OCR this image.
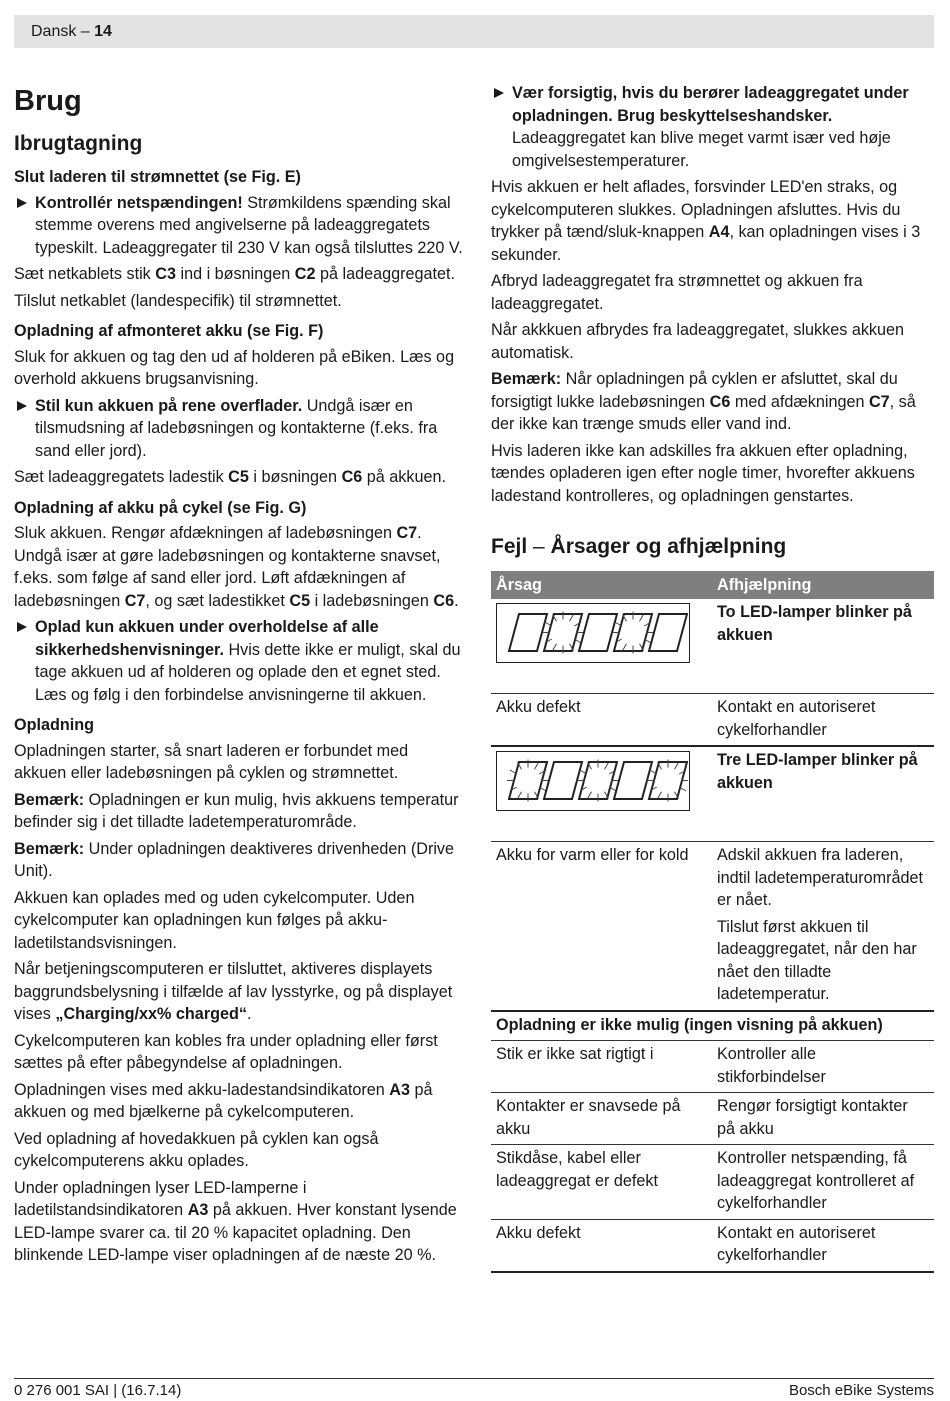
Dansk – 14
Brug
Ibrugtagning
Slut laderen til strømnettet (se Fig. E)
Kontrollér netspændingen! Strømkildens spænding skal stemme overens med angivelserne på ladeaggregatets typeskilt. Ladeaggregater til 230 V kan også tilsluttes 220 V.

Sæt netkablets stik C3 ind i bøsningen C2 på ladeaggregatet.

Tilslut netkablet (landespecifik) til strømnettet.

Opladning af afmonteret akku (se Fig. F)

Sluk for akkuen og tag den ud af holderen på eBiken. Læs og overhold akkuens brugsanvisning.

Stil kun akkuen på rene overflader. Undgå især en tilsmudsning af ladebøsningen og kontakterne (f.eks. fra sand eller jord).

Sæt ladeaggregatets ladestik C5 i bøsningen C6 på akkuen.

Opladning af akku på cykel (se Fig. G)

Sluk akkuen. Rengør afdækningen af ladebøsningen C7. Undgå især at gøre ladebøsningen og kontakterne snavset, f.eks. som følge af sand eller jord. Løft afdækningen af ladebøsningen C7, og sæt ladestikket C5 i ladebøsningen C6.

Oplad kun akkuen under overholdelse af alle sikkerhedshenvisninger. Hvis dette ikke er muligt, skal du tage akkuen ud af holderen og oplade den et egnet sted. Læs og følg i den forbindelse anvisningerne til akkuen.
Opladning

Opladningen starter, så snart laderen er forbundet med akkuen eller ladebøsningen på cyklen og strømnettet.

Bemærk: Opladningen er kun mulig, hvis akkuens temperatur befinder sig i det tilladte ladetemperaturområde.

Bemærk: Under opladningen deaktiveres drivenheden (Drive Unit).

Akkuen kan oplades med og uden cykelcomputer. Uden cykelcomputer kan opladningen kun følges på akku-ladetilstandsvisningen.

Når betjeningscomputeren er tilsluttet, aktiveres displayets baggrundsbelysning i tilfælde af lav lysstyrke, og på displayet vises „Charging/xx% charged“.

Cykelcomputeren kan kobles fra under opladning eller først sættes på efter påbegyndelse af opladningen.

Opladningen vises med akku-ladestandsindikatoren A3 på akkuen og med bjælkerne på cykelcomputeren.

Ved opladning af hovedakkuen på cyklen kan også cykelcomputerens akku oplades.

Under opladningen lyser LED-lamperne i ladetilstandsindikatoren A3 på akkuen. Hver konstant lysende LED-lampe svarer ca. til 20 % kapacitet opladning. Den blinkende LED-lampe viser opladningen af de næste 20 %.

Vær forsigtig, hvis du berører ladeaggregatet under opladningen. Brug beskyttelseshandsker. Ladeaggregatet kan blive meget varmt især ved høje omgivelsestemperaturer.

Hvis akkuen er helt aflades, forsvinder LED'en straks, og cykelcomputeren slukkes. Opladningen afsluttes. Hvis du trykker på tænd/sluk-knappen A4, kan opladningen vises i 3 sekunder.

Afbryd ladeaggregatet fra strømnettet og akkuen fra ladeaggregatet.

Når akkkuen afbrydes fra ladeaggregatet, slukkes akkuen automatisk.

Bemærk: Når opladningen på cyklen er afsluttet, skal du forsigtigt lukke ladebøsningen C6 med afdækningen C7, så der ikke kan trænge smuds eller vand ind.

Hvis laderen ikke kan adskilles fra akkuen efter opladning, tændes opladeren igen efter nogle timer, hvorefter akkuens ladestand kontrolleres, og opladningen genstartes.

Fejl – Årsager og afhjælpning
Årsag	Afhjælpning

	To LED-lamper blinker på akkuen
Akku defekt	Kontakt en autoriseret cykelforhandler

	Tre LED-lamper blinker på akkuen
Akku for varm eller for kold	Adskil akkuen fra laderen, indtil ladetemperaturområdet er nået.
Tilslut først akkuen til ladeaggregatet, når den har nået den tilladte ladetemperatur.

Opladning er ikke mulig (ingen visning på akkuen)	
Stik er ikke sat rigtigt i	Kontroller alle stikforbindelser
Kontakter er snavsede på akku	Rengør forsigtigt kontakter på akku
Stikdåse, kabel eller ladeaggregat er defekt	Kontroller netspænding, få ladeaggregat kontrolleret af cykelforhandler
Akku defekt	Kontakt en autoriseret cykelforhandler
0 276 001 SAI | (16.7.14)	Bosch eBike Systems
